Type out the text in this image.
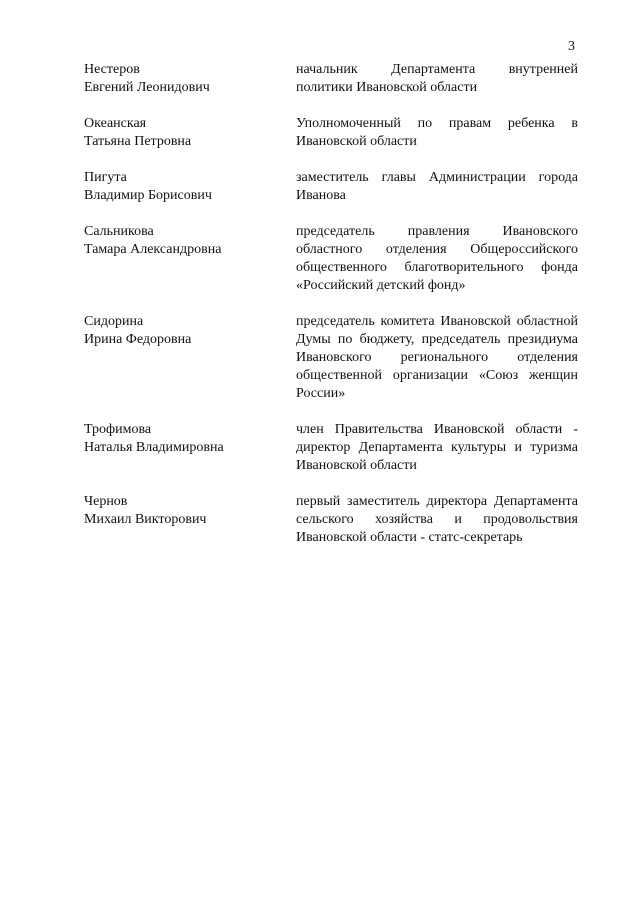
3
Нестеров
Евгений Леонидович
начальник Департамента внутренней политики Ивановской области
Океанская
Татьяна Петровна
Уполномоченный по правам ребенка в Ивановской области
Пигута
Владимир Борисович
заместитель главы Администрации города Иванова
Сальникова
Тамара Александровна
председатель правления Ивановского областного отделения Общероссийского общественного благотворительного фонда «Российский детский фонд»
Сидорина
Ирина Федоровна
председатель комитета Ивановской областной Думы по бюджету, председатель президиума Ивановского регионального отделения общественной организации «Союз женщин России»
Трофимова
Наталья Владимировна
член Правительства Ивановской области - директор Департамента культуры и туризма Ивановской области
Чернов
Михаил Викторович
первый заместитель директора Департамента сельского хозяйства и продовольствия Ивановской области - статс-секретарь
